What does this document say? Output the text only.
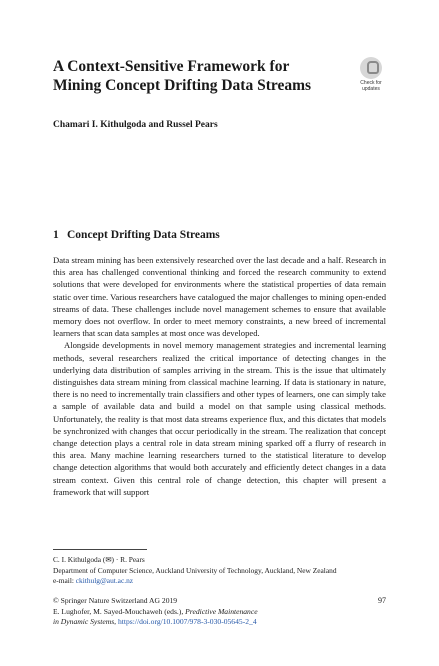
A Context-Sensitive Framework for
Mining Concept Drifting Data Streams	Check for
updates

Chamari I. Kithulgoda and Russel Pears

1 Concept Drifting Data Streams

Data stream mining has been extensively researched over the last decade and a half. Research in this area has challenged conventional thinking and forced the research community to extend solutions that were developed for environments where the statistical properties of data remain static over time. Various researchers have catalogued the major challenges to mining open-ended streams of data. These challenges include novel management schemes to ensure that available memory does not overflow. In order to meet memory constraints, a new breed of incremental learners that scan data samples at most once was developed.

Alongside developments in novel memory management strategies and incremental learning methods, several researchers realized the critical importance of detecting changes in the underlying data distribution of samples arriving in the stream. This is the issue that ultimately distinguishes data stream mining from classical machine learning. If data is stationary in nature, there is no need to incrementally train classifiers and other types of learners, one can simply take a sample of available data and build a model on that sample using classical methods. Unfortunately, the reality is that most data streams experience flux, and this dictates that models be synchronized with changes that occur periodically in the stream. The realization that concept change detection plays a central role in data stream mining sparked off a flurry of research in this area. Many machine learning researchers turned to the statistical literature to develop change detection algorithms that would both accurately and efficiently detect changes in a data stream context. Given this central role of change detection, this chapter will present a framework that will support

C. I. Kithulgoda (✉) · R. Pears
Department of Computer Science, Auckland University of Technology, Auckland, New Zealand
e-mail: ckithulg@aut.ac.nz
© Springer Nature Switzerland AG 2019
E. Lughofer, M. Sayed-Mouchaweh (eds.), Predictive Maintenance
in Dynamic Systems, https://doi.org/10.1007/978-3-030-05645-2_4
97
